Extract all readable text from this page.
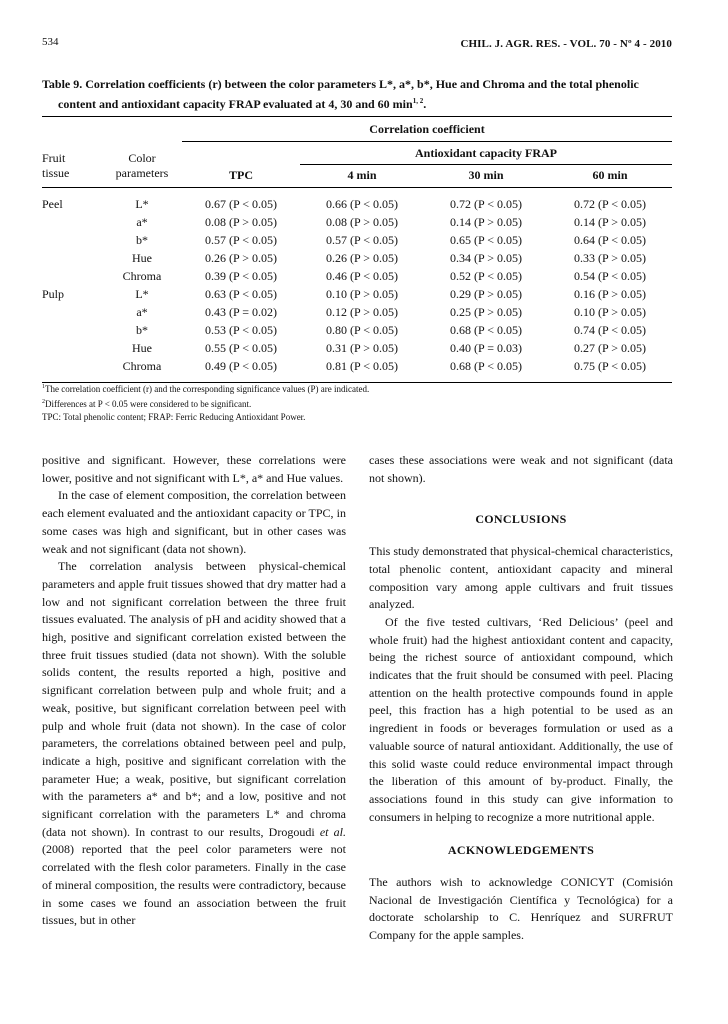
534	CHIL. J. AGR. RES. - VOL. 70 - Nº 4 - 2010
Table 9. Correlation coefficients (r) between the color parameters L*, a*, b*, Hue and Chroma and the total phenolic
content and antioxidant capacity FRAP evaluated at 4, 30 and 60 $\min^{1, 2}$.
		Correlation coefficient			
Fruit
tissue	Color
parameters		Antioxidant capacity FRAP		
		TPC	4 min	30 min	60 min
Peel	L*	0.67 (P < 0.05)	0.66 (P < 0.05)	0.72 (P < 0.05)	0.72 (P < 0.05)
	a*	0.08 (P > 0.05)	0.08 (P > 0.05)	0.14 (P > 0.05)	0.14 (P > 0.05)
	b*	0.57 (P < 0.05)	0.57 (P < 0.05)	0.65 (P < 0.05)	0.64 (P < 0.05)
	Hue	0.26 (P > 0.05)	0.26 (P > 0.05)	0.34 (P > 0.05)	0.33 (P > 0.05)
	Chroma	0.39 (P < 0.05)	0.46 (P < 0.05)	0.52 (P < 0.05)	0.54 (P < 0.05)
Pulp	L*	0.63 (P < 0.05)	0.10 (P > 0.05)	0.29 (P > 0.05)	0.16 (P > 0.05)
	a*	0.43 (P = 0.02)	0.12 (P > 0.05)	0.25 (P > 0.05)	0.10 (P > 0.05)
	b*	0.53 (P < 0.05)	0.80 (P < 0.05)	0.68 (P < 0.05)	0.74 (P < 0.05)
	Hue	0.55 (P < 0.05)	0.31 (P > 0.05)	0.40 (P = 0.03)	0.27 (P > 0.05)
	Chroma	0.49 (P < 0.05)	0.81 (P < 0.05)	0.68 (P < 0.05)	0.75 (P < 0.05)
$^1$The correlation coefficient (r) and the corresponding significance values (P) are indicated.
$^2$Differences at P < 0.05 were considered to be significant.
TPC: Total phenolic content; FRAP: Ferric Reducing Antioxidant Power.

positive and significant. However, these correlations were lower, positive and not significant with L*, a* and Hue values.

In the case of element composition, the correlation between each element evaluated and the antioxidant capacity or TPC, in some cases was high and significant, but in other cases was weak and not significant (data not shown).

The correlation analysis between physical-chemical parameters and apple fruit tissues showed that dry matter had a low and not significant correlation between the three fruit tissues evaluated. The analysis of pH and acidity showed that a high, positive and significant correlation existed between the three fruit tissues studied (data not shown). With the soluble solids content, the results reported a high, positive and significant correlation between pulp and whole fruit; and a weak, positive, but significant correlation between peel with pulp and whole fruit (data not shown). In the case of color parameters, the correlations obtained between peel and pulp, indicate a high, positive and significant correlation with the parameter Hue; a weak, positive, but significant correlation with the parameters a* and b*; and a low, positive and not significant correlation with the parameters L* and chroma (data not shown). In contrast to our results, Drogoudi et al. (2008) reported that the peel color parameters were not correlated with the flesh color parameters. Finally in the case of mineral composition, the results were contradictory, because in some cases we found an association between the fruit tissues, but in other

cases these associations were weak and not significant (data not shown).

CONCLUSIONS

This study demonstrated that physical-chemical characteristics, total phenolic content, antioxidant capacity and mineral composition vary among apple cultivars and fruit tissues analyzed.

Of the five tested cultivars, ‘Red Delicious’ (peel and whole fruit) had the highest antioxidant content and capacity, being the richest source of antioxidant compound, which indicates that the fruit should be consumed with peel. Placing attention on the health protective compounds found in apple peel, this fraction has a high potential to be used as an ingredient in foods or beverages formulation or used as a valuable source of natural antioxidant. Additionally, the use of this solid waste could reduce environmental impact through the liberation of this amount of by-product. Finally, the associations found in this study can give information to consumers in helping to recognize a more nutritional apple.

ACKNOWLEDGEMENTS

The authors wish to acknowledge CONICYT (Comisión Nacional de Investigación Científica y Tecnológica) for a doctorate scholarship to C. Henríquez and SURFRUT Company for the apple samples.
